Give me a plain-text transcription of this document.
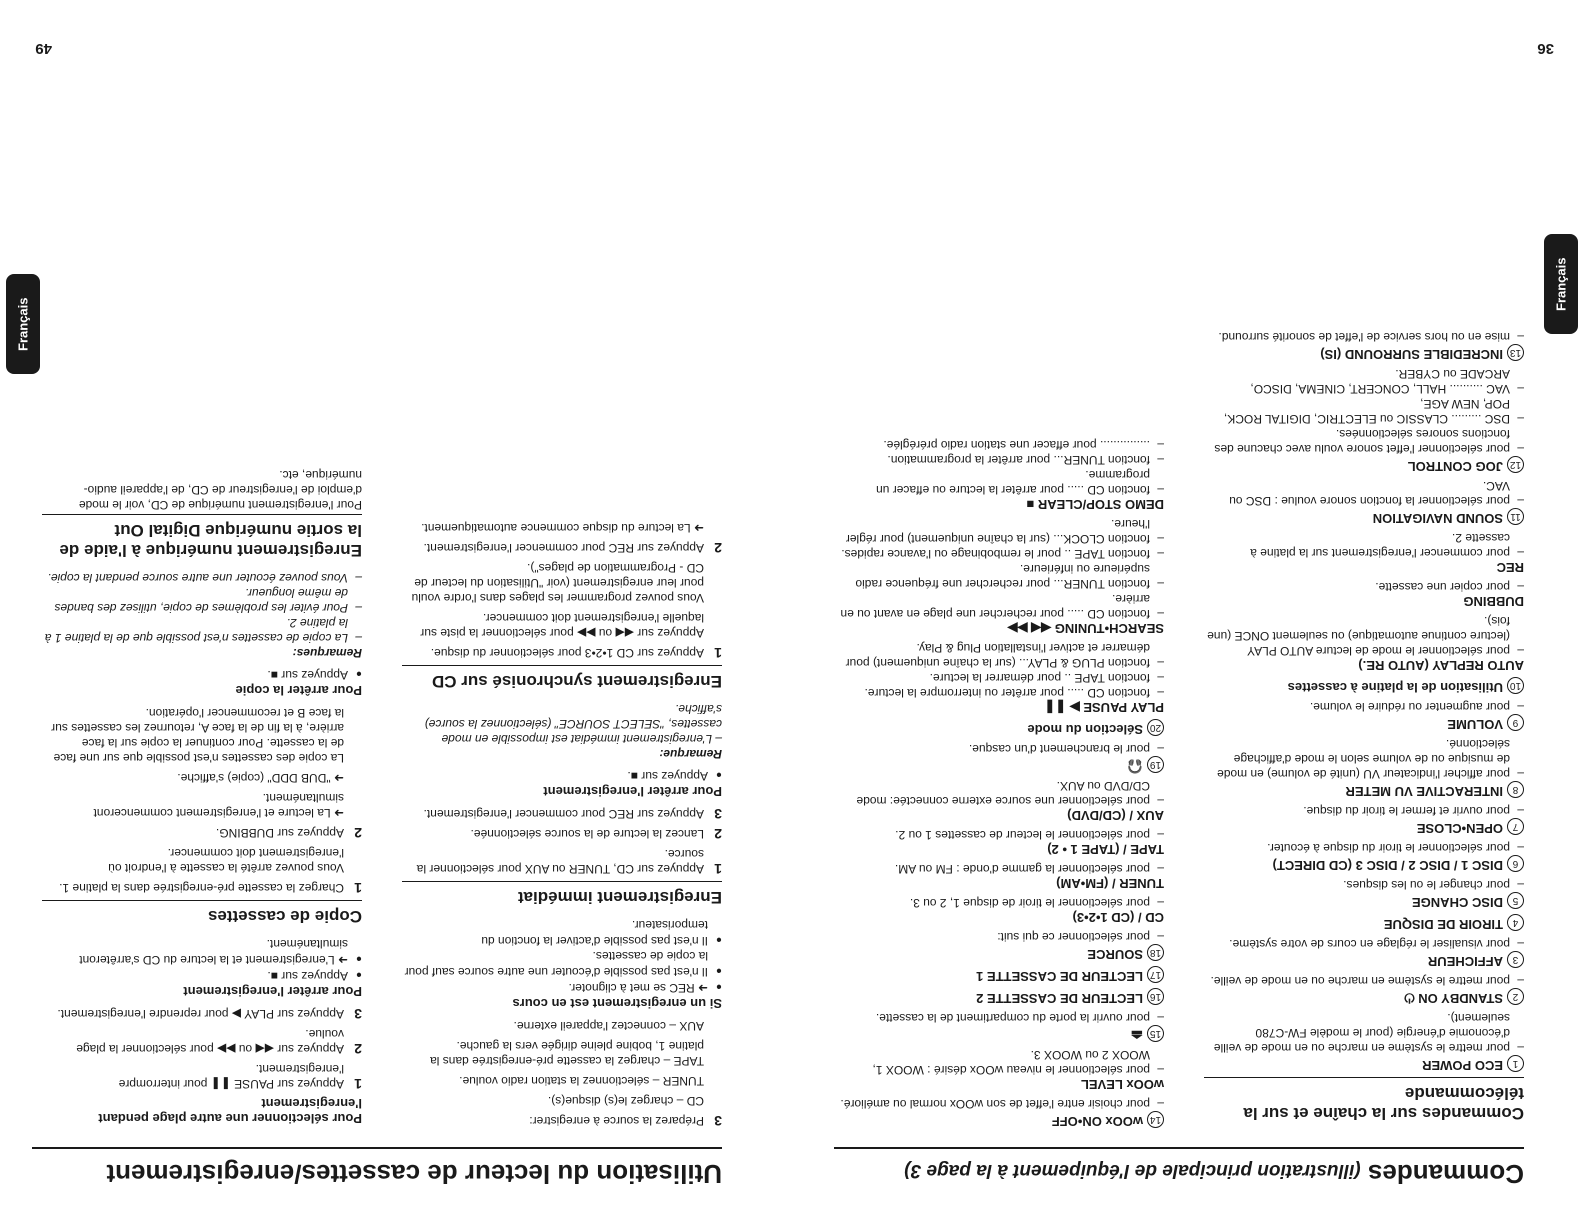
Commandes (illustration principale de l'équipement à la page 3)
Commandes sur la chaîne et sur la télécommande
1ECO POWER

– pour mettre le système en marche ou en mode de veille d'économie d'énergie (pour le modèle FW-C780 seulement).

2STANDBY ON ⏻

– pour mettre le système en marche ou en mode de veille.

3AFFICHEUR

– pour visualiser le réglage en cours de votre système.

4TIROIR DE DISQUE
5DISC CHANGE

– pour changer le ou les disques.

6DISC 1 / DISC 2 / DISC 3 (CD DIRECT)

– pour sélectionner le tiroir du disque à écouter.

7OPEN•CLOSE

– pour ouvrir et fermer le tiroir du disque.

8INTERACTIVE VU METER

– pour afficher l'indicateur VU (unité de volume) en mode de musique ou de volume selon le mode d'affichage sélectionné.

9VOLUME

– pour augmenter ou réduire le volume.

10Utilisation de la platine à cassettes
AUTO REPLAY (AUTO RE.)

– pour sélectionner le mode de lecture AUTO PLAY (lecture continue automatique) ou seulement ONCE (une fois).

DUBBING

– pour copier une cassette.

REC

– pour commencer l'enregistrement sur la platine à cassette 2.

11SOUND NAVIGATION

– pour sélectionner la fonction sonore voulue : DSC ou VAC.

12JOG CONTROL

– pour sélectionner l'effet sonore voulu avec chacune des fonctions sonores sélectionnées.

– DSC ......... CLASSIC ou ELECTRIC, DIGITAL ROCK, POP, NEW AGE,

– VAC .......... HALL, CONCERT, CINEMA, DISCO, ARCADE ou CYBER.

13INCREDIBLE SURROUND (IS)

– mise en ou hors service de l'effet de sonorité surround.

14wOOx ON•OFF

– pour choisir entre l'effet de son wOOx normal ou amélioré.

wOOx LEVEL

– pour sélectionner le niveau wOOx désiré : WOOX 1, WOOX 2 ou WOOX 3.

15⏏

– pour ouvrir la porte du compartiment de la cassette.

16LECTEUR DE CASSETTE 2
17LECTEUR DE CASSETTE 1
18SOURCE

– pour sélectionner ce qui suit:

CD / (CD 1•2•3)

– pour sélectionner le tiroir de disque 1, 2 ou 3.

TUNER / (FM•AM)

– pour sélectionner la gamme d'onde : FM ou AM.

TAPE / (TAPE 1 • 2)

– pour sélectionner le lecteur de cassettes 1 ou 2.

AUX / (CD/DVD)

– pour sélectionner une source externe connectée: mode CD/DVD ou AUX.

19🎧

– pour le branchement d'un casque.

20Sélection du mode
PLAY PAUSE ▶ ❚❚

– fonction CD ..... pour arrêter ou interrompre la lecture.

– fonction TAPE .. pour démarrer la lecture.

– fonction PLUG & PLAY... (sur la chaîne uniquement) pour démarrer et activer l'installation Plug & Play.

SEARCH•TUNING ◀◀ ▶▶

– fonction CD ..... pour rechercher une plage en avant ou en arrière.

– fonction TUNER... pour rechercher une fréquence radio supérieure ou inférieure.

– fonction TAPE .. pour le rembobinage ou l'avance rapides.

– fonction CLOCK... (sur la chaîne uniquement) pour régler l'heure.

DEMO STOP/CLEAR ■

– fonction CD ..... pour arrêter la lecture ou effacer un programme.

– fonction TUNER... pour arrêter la programmation.

– ............... pour effacer une station radio préréglée.

36
Français
Utilisation du lecteur de cassettes/enregistrement
3
Préparez la source à enregistrer:
CD – chargez le(s) disque(s).
TUNER – sélectionnez la station radio voulue.
TAPE – chargez la cassette pré-enregistrée dans la platine 1, bobine pleine dirigée vers la gauche.
AUX – connectez l'appareil externe.
Si un enregistrement est en cours

● ➜ REC se met à clignoter.

● Il n'est pas possible d'écouter une autre source sauf pour la copie de cassettes.

● Il n'est pas possible d'activer la fonction du temporisateur.

Enregistrement immédiat
1
Appuyez sur CD, TUNER ou AUX pour sélectionner la source.
2
Lancez la lecture de la source sélectionnée.
3
Appuyez sur REC pour commencer l'enregistrement.
Pour arrêter l'enregistrement

● Appuyez sur ■.

Remarque:

– L'enregistrement immédiat est impossible en mode cassettes, "SELECT SOURCE" (sélectionnez la source) s'affiche.

Enregistrement synchronisé sur CD
1
Appuyez sur CD 1•2•3 pour sélectionner du disque.
Appuyez sur ◀◀ ou ▶▶ pour sélectionner la piste sur laquelle l'enregistrement doit commencer.
Vous pouvez programmer les plages dans l'ordre voulu pour leur enregistrement (voir "Utilisation du lecteur de CD - Programmation de plages").
2
Appuyez sur REC pour commencer l'enregistrement.
➜ La lecture du disque commence automatiquement.
Pour sélectionner une autre plage pendant l'enregistrement
1
Appuyez sur PAUSE ❚❚ pour interrompre l'enregistrement.
2
Appuyez sur ◀◀ ou ▶▶ pour sélectionner la plage voulue.
3
Appuyez sur PLAY ▶ pour reprendre l'enregistrement.
Pour arrêter l'enregistrement

● Appuyez sur ■.

● ➜ L'enregistrement et la lecture du CD s'arrêteront simultanément.

Copie de cassettes
1
Chargez la cassette pré-enregistrée dans la platine 1.
Vous pouvez arrêté la cassette à l'endroit où l'enregistrement doit commencer.
2
Appuyez sur DUBBING.
➜ La lecture et l'enregistrement commenceront simultanément.
➜ "DUB DDD" (copie) s'affiche.
La copie des cassettes n'est possible que sur une face de la cassette. Pour continuer la copie sur la face arrière, à la fin de la face A, retournez les cassettes sur la face B et recommencer l'opération.
Pour arrêter la copie

● Appuyez sur ■.

Remarques:

– La copie de cassettes n'est possible que de la platine 1 à la platine 2.

– Pour éviter les problèmes de copie, utilisez des bandes de même longueur.

– Vous pouvez écouter une autre source pendant la copie.

Enregistrement numérique à l'aide de la sortie numérique Digital Out

Pour l'enregistrement numérique de CD, voir le mode d'emploi de l'enregistreur de CD, de l'appareil audio-numérique, etc.

49
Français
